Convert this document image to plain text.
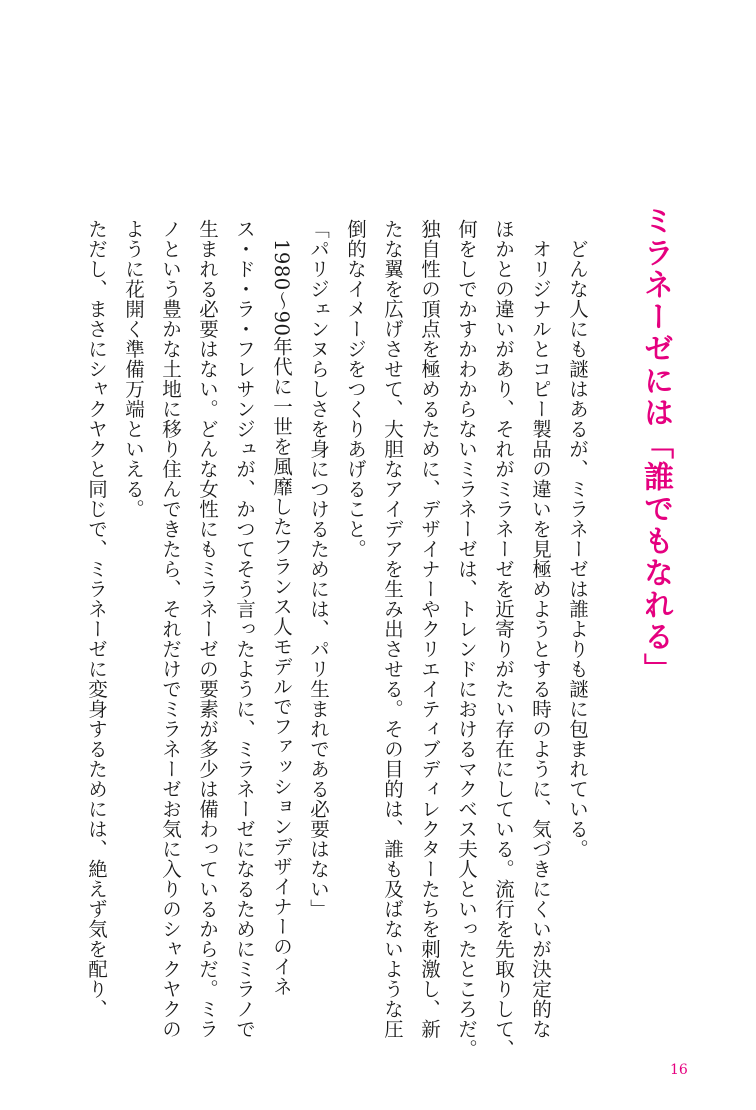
ミラネーゼには「誰でもなれる」

どんな人にも謎はあるが、ミラネーゼは誰よりも謎に包まれている。

オリジナルとコピー製品の違いを見極めようとする時のように、気づきにくいが決定的な

ほかとの違いがあり、それがミラネーゼを近寄りがたい存在にしている。流行を先取りして、

何をしでかすかわからないミラネーゼは、トレンドにおけるマクベス夫人といったところだ。

独自性の頂点を極めるために、デザイナーやクリエイティブディレクターたちを刺激し、新

たな翼を広げさせて、大胆なアイデアを生み出させる。その目的は、誰も及ばないような圧

倒的なイメージをつくりあげること。

「パリジェンヌらしさを身につけるためには、パリ生まれである必要はない」

1980～90年代に一世を風靡したフランス人モデルでファッションデザイナーのイネ

ス・ド・ラ・フレサンジュが、かつてそう言ったように、ミラネーゼになるためにミラノで

生まれる必要はない。どんな女性にもミラネーゼの要素が多少は備わっているからだ。ミラ

ノという豊かな土地に移り住んできたら、それだけでミラネーゼお気に入りのシャクヤクの

ように花開く準備万端といえる。

ただし、まさにシャクヤクと同じで、ミラネーゼに変身するためには、絶えず気を配り、

16
